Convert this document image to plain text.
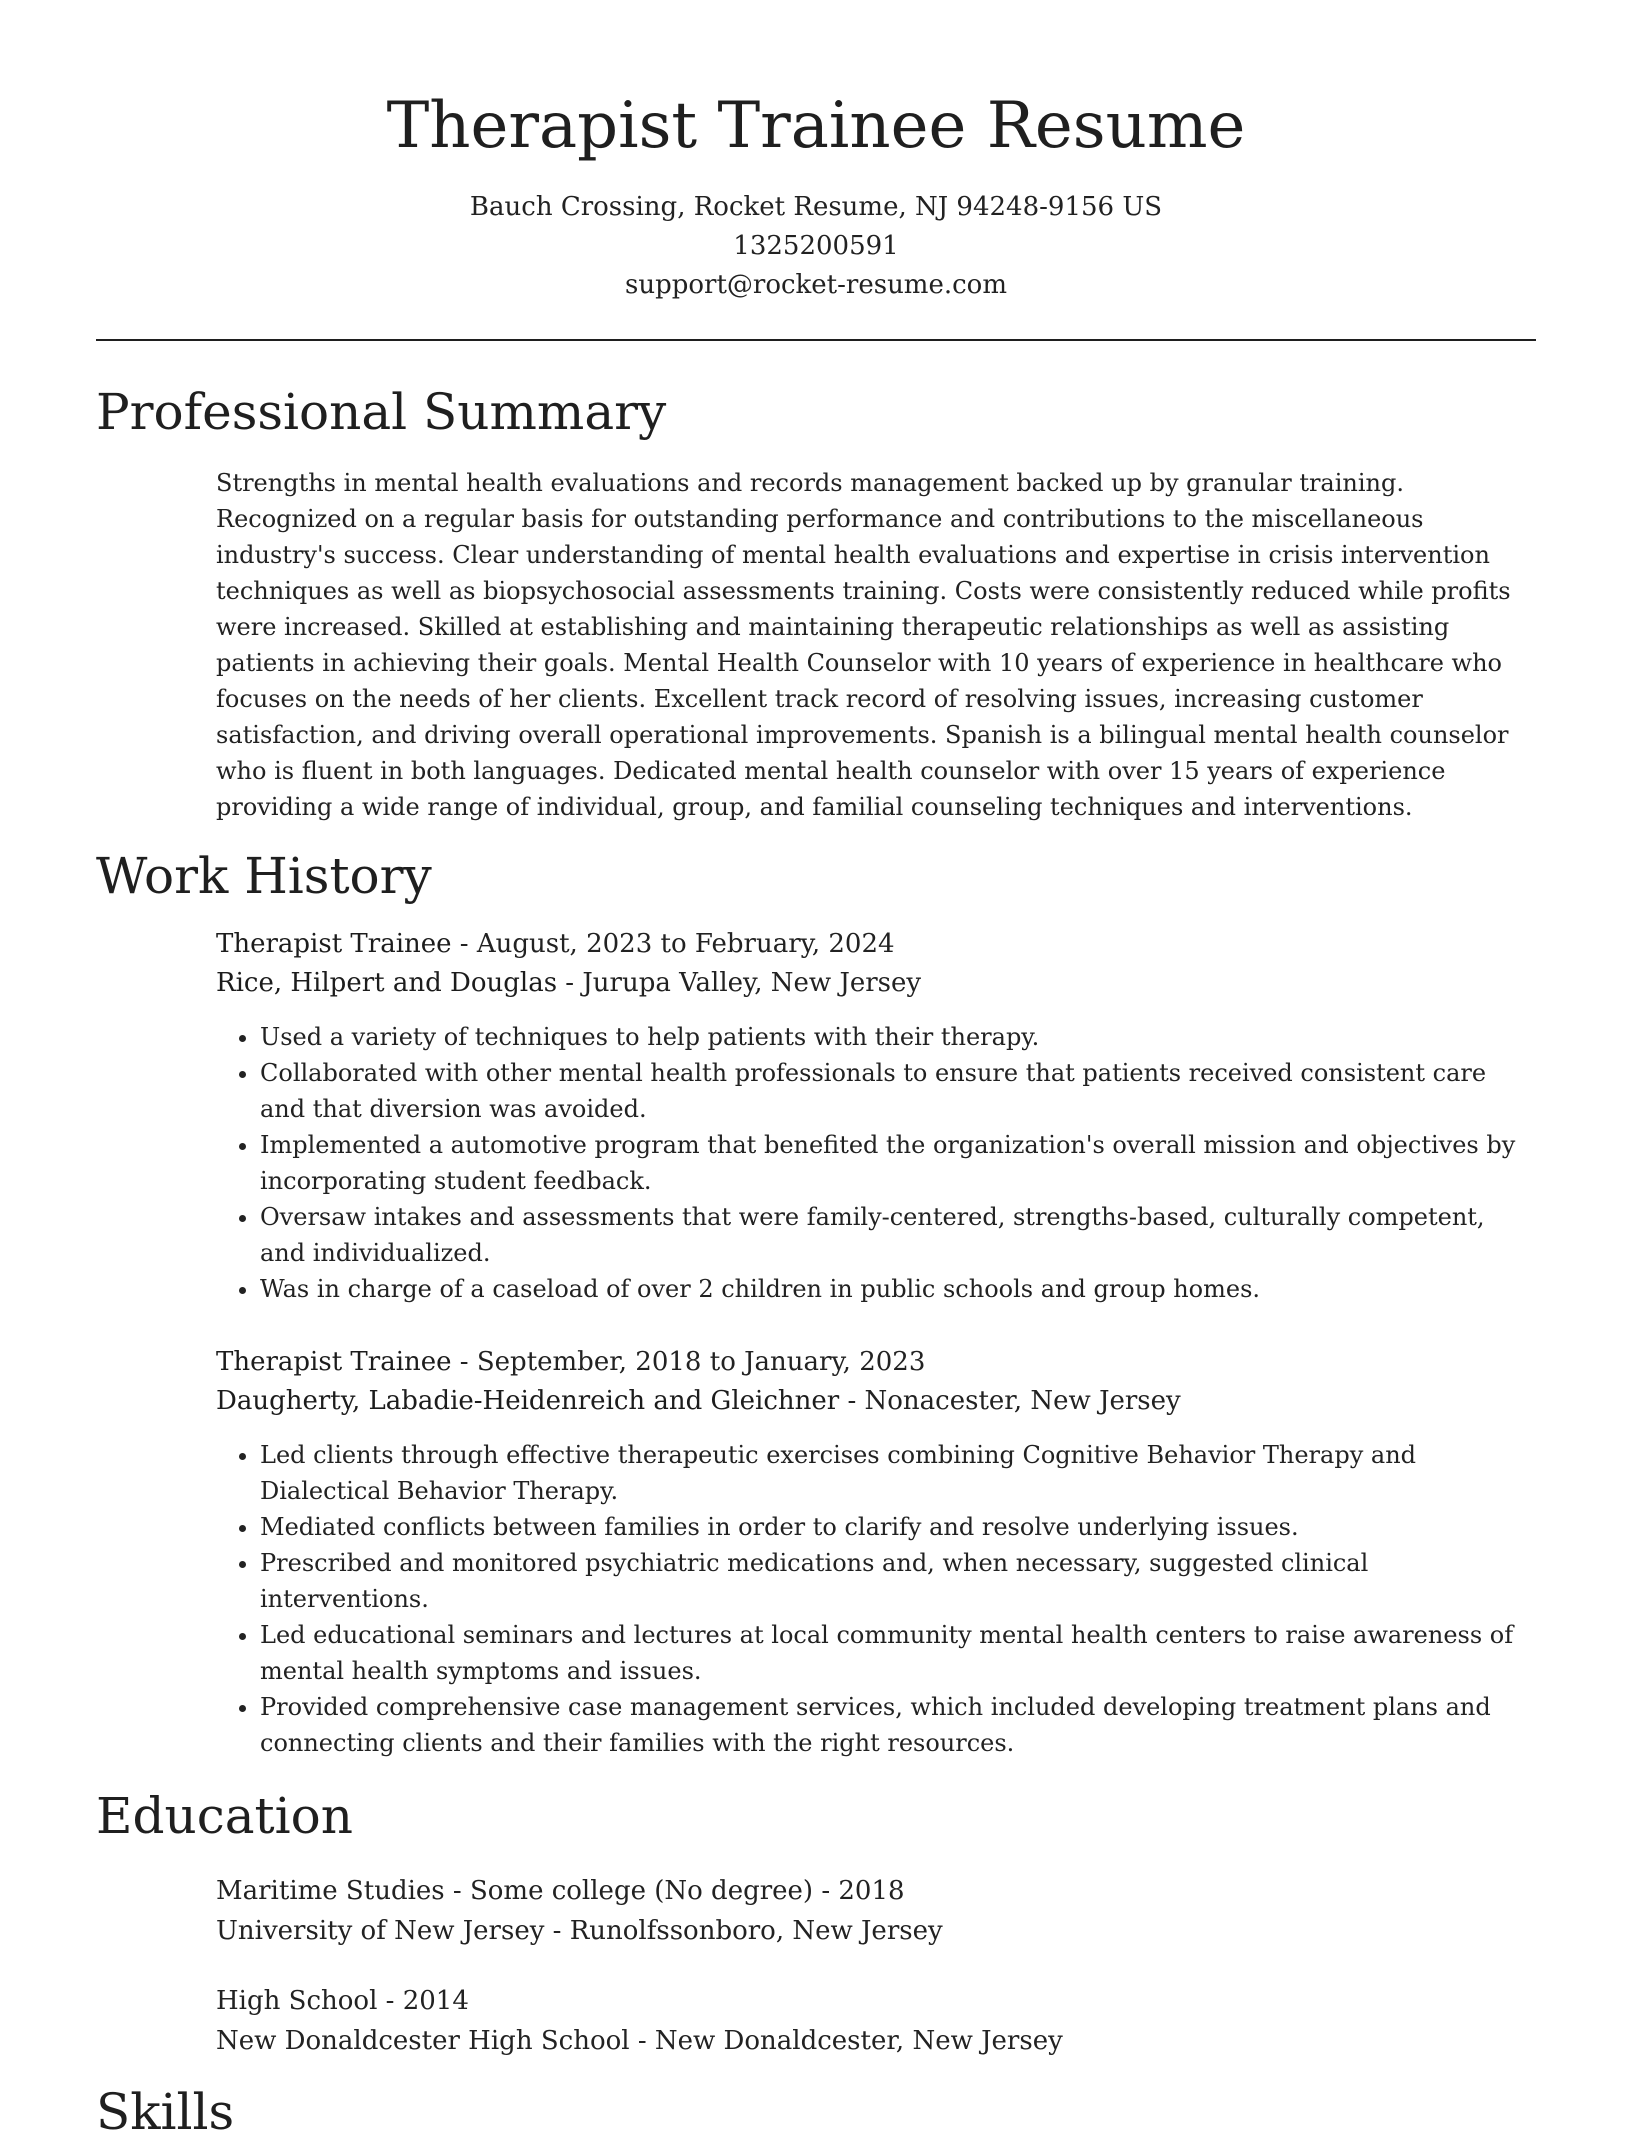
Therapist Trainee Resume
Bauch Crossing, Rocket Resume, NJ 94248-9156 US
1325200591
support@rocket-resume.com
Professional Summary

Strengths in mental health evaluations and records management backed up by granular training. Recognized on a regular basis for outstanding performance and contributions to the miscellaneous industry's success. Clear understanding of mental health evaluations and expertise in crisis intervention techniques as well as biopsychosocial assessments training. Costs were consistently reduced while profits were increased. Skilled at establishing and maintaining therapeutic relationships as well as assisting patients in achieving their goals. Mental Health Counselor with 10 years of experience in healthcare who focuses on the needs of her clients. Excellent track record of resolving issues, increasing customer satisfaction, and driving overall operational improvements. Spanish is a bilingual mental health counselor who is fluent in both languages. Dedicated mental health counselor with over 15 years of experience providing a wide range of individual, group, and familial counseling techniques and interventions.

Work History
Therapist Trainee - August, 2023 to February, 2024
Rice, Hilpert and Douglas - Jurupa Valley, New Jersey
• Used a variety of techniques to help patients with their therapy.
• Collaborated with other mental health professionals to ensure that patients received consistent care and that diversion was avoided.
• Implemented a automotive program that benefited the organization's overall mission and objectives by incorporating student feedback.
• Oversaw intakes and assessments that were family-centered, strengths-based, culturally competent, and individualized.
• Was in charge of a caseload of over 2 children in public schools and group homes.
Therapist Trainee - September, 2018 to January, 2023
Daugherty, Labadie-Heidenreich and Gleichner - Nonacester, New Jersey
• Led clients through effective therapeutic exercises combining Cognitive Behavior Therapy and Dialectical Behavior Therapy.
• Mediated conflicts between families in order to clarify and resolve underlying issues.
• Prescribed and monitored psychiatric medications and, when necessary, suggested clinical interventions.
• Led educational seminars and lectures at local community mental health centers to raise awareness of mental health symptoms and issues.
• Provided comprehensive case management services, which included developing treatment plans and connecting clients and their families with the right resources.
Education
Maritime Studies - Some college (No degree) - 2018
University of New Jersey - Runolfssonboro, New Jersey
High School - 2014
New Donaldcester High School - New Donaldcester, New Jersey
Skills
